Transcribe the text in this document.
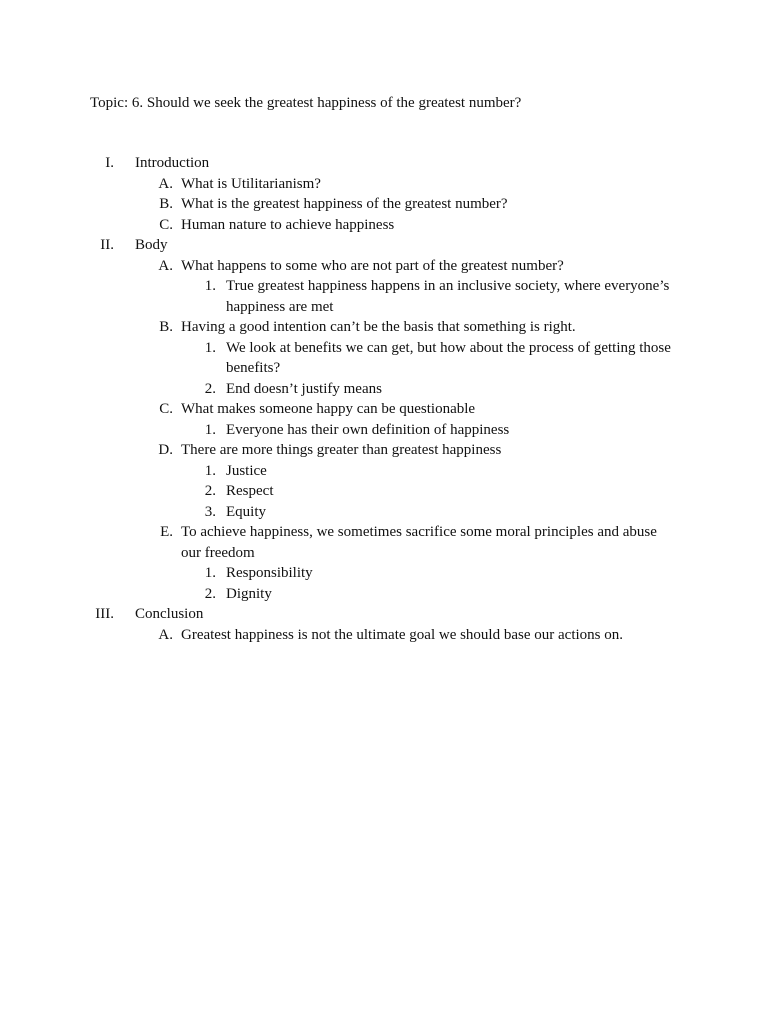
Topic: 6. Should we seek the greatest happiness of the greatest number?
I. Introduction
A. What is Utilitarianism?
B. What is the greatest happiness of the greatest number?
C. Human nature to achieve happiness
II. Body
A. What happens to some who are not part of the greatest number?
1. True greatest happiness happens in an inclusive society, where everyone’s happiness are met
B. Having a good intention can’t be the basis that something is right.
1. We look at benefits we can get, but how about the process of getting those benefits?
2. End doesn’t justify means
C. What makes someone happy can be questionable
1. Everyone has their own definition of happiness
D. There are more things greater than greatest happiness
1. Justice
2. Respect
3. Equity
E. To achieve happiness, we sometimes sacrifice some moral principles and abuse our freedom
1. Responsibility
2. Dignity
III. Conclusion
A. Greatest happiness is not the ultimate goal we should base our actions on.
